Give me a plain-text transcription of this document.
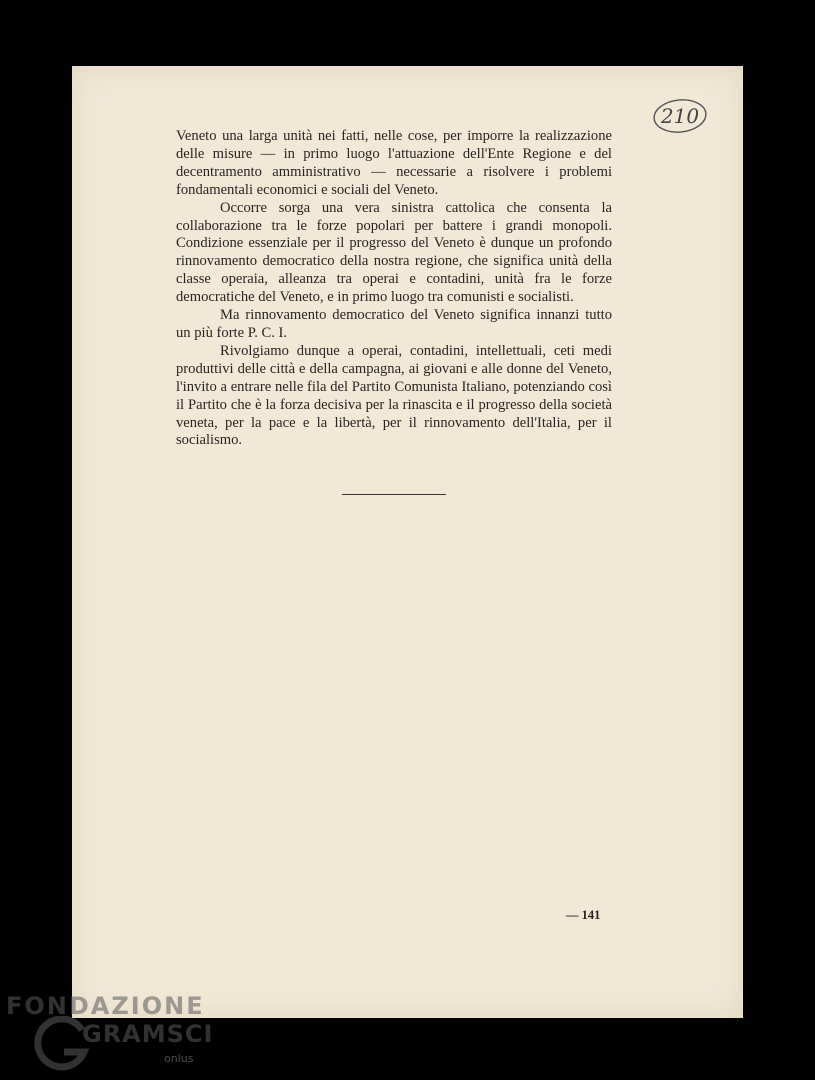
210

Veneto una larga unità nei fatti, nelle cose, per imporre la realizzazione delle misure — in primo luogo l'attuazione dell'Ente Regione e del decentramento amministrativo — necessarie a risolvere i problemi fondamentali economici e sociali del Veneto.

Occorre sorga una vera sinistra cattolica che consenta la collaborazione tra le forze popolari per battere i grandi monopoli. Condizione essenziale per il progresso del Veneto è dunque un profondo rinnovamento democratico della nostra regione, che significa unità della classe operaia, alleanza tra operai e contadini, unità fra le forze democratiche del Veneto, e in primo luogo tra comunisti e socialisti.

Ma rinnovamento democratico del Veneto significa innanzi tutto un più forte P. C. I.

Rivolgiamo dunque a operai, contadini, intellettuali, ceti medi produttivi delle città e della campagna, ai giovani e alle donne del Veneto, l'invito a entrare nelle fila del Partito Comunista Italiano, potenziando così il Partito che è la forza decisiva per la rinascita e il progresso della società veneta, per la pace e la libertà, per il rinnovamento dell'Italia, per il socialismo.

— 141
FONDAZIONE
GRAMSCI
onlus
